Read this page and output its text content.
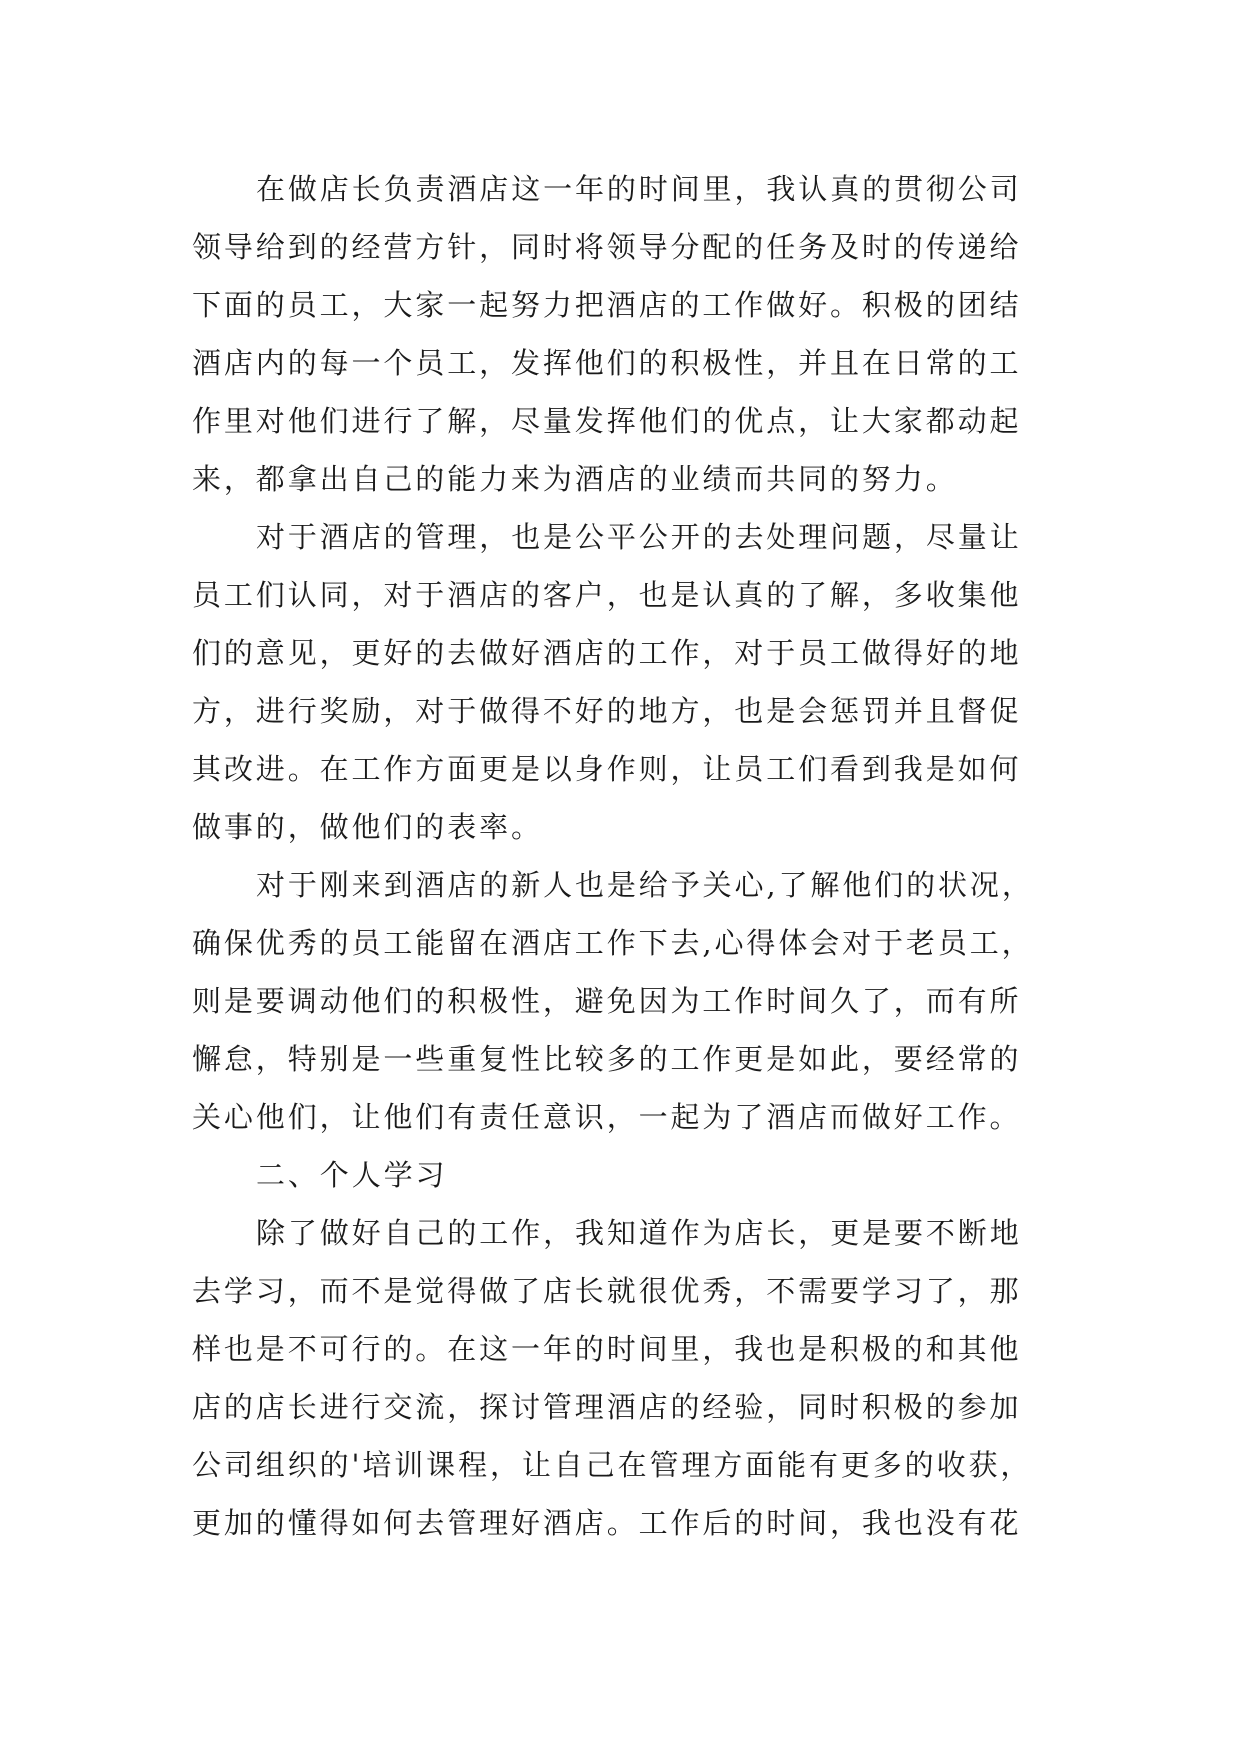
在做店长负责酒店这一年的时间里，我认真的贯彻公司
领导给到的经营方针，同时将领导分配的任务及时的传递给
下面的员工，大家一起努力把酒店的工作做好。积极的团结
酒店内的每一个员工，发挥他们的积极性，并且在日常的工
作里对他们进行了解，尽量发挥他们的优点，让大家都动起
来，都拿出自己的能力来为酒店的业绩而共同的努力。
对于酒店的管理，也是公平公开的去处理问题，尽量让
员工们认同，对于酒店的客户，也是认真的了解，多收集他
们的意见，更好的去做好酒店的工作，对于员工做得好的地
方，进行奖励，对于做得不好的地方，也是会惩罚并且督促
其改进。在工作方面更是以身作则，让员工们看到我是如何
做事的，做他们的表率。
对于刚来到酒店的新人也是给予关心,了解他们的状况，
确保优秀的员工能留在酒店工作下去,心得体会对于老员工，
则是要调动他们的积极性，避免因为工作时间久了，而有所
懈怠，特别是一些重复性比较多的工作更是如此，要经常的
关心他们，让他们有责任意识，一起为了酒店而做好工作。
二、个人学习
除了做好自己的工作，我知道作为店长，更是要不断地
去学习，而不是觉得做了店长就很优秀，不需要学习了，那
样也是不可行的。在这一年的时间里，我也是积极的和其他
店的店长进行交流，探讨管理酒店的经验，同时积极的参加
公司组织的'培训课程，让自己在管理方面能有更多的收获，
更加的懂得如何去管理好酒店。工作后的时间，我也没有花
